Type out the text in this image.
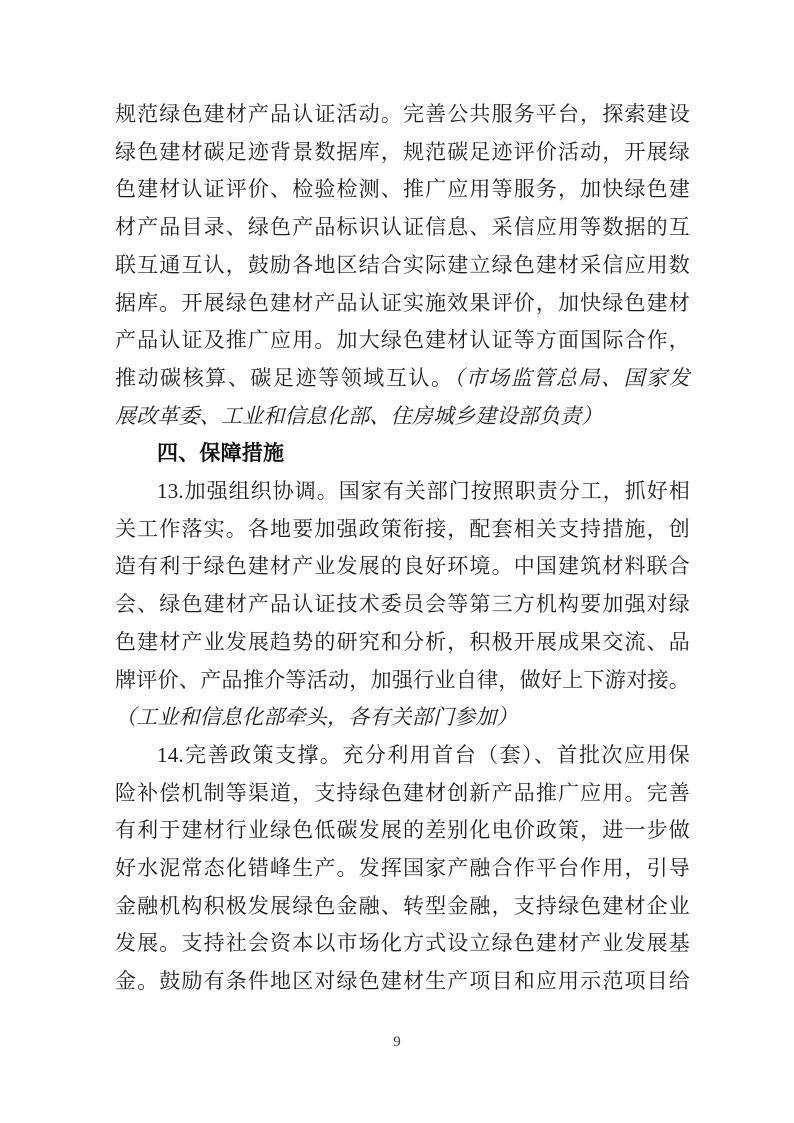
规范绿色建材产品认证活动。完善公共服务平台，探索建设
绿色建材碳足迹背景数据库，规范碳足迹评价活动，开展绿
色建材认证评价、检验检测、推广应用等服务，加快绿色建
材产品目录、绿色产品标识认证信息、采信应用等数据的互
联互通互认，鼓励各地区结合实际建立绿色建材采信应用数
据库。开展绿色建材产品认证实施效果评价，加快绿色建材
产品认证及推广应用。加大绿色建材认证等方面国际合作，
推动碳核算、碳足迹等领域互认。（市场监管总局、国家发
展改革委、工业和信息化部、住房城乡建设部负责）
四、保障措施
13.加强组织协调。国家有关部门按照职责分工，抓好相
关工作落实。各地要加强政策衔接，配套相关支持措施，创
造有利于绿色建材产业发展的良好环境。中国建筑材料联合
会、绿色建材产品认证技术委员会等第三方机构要加强对绿
色建材产业发展趋势的研究和分析，积极开展成果交流、品
牌评价、产品推介等活动，加强行业自律，做好上下游对接。
（工业和信息化部牵头，各有关部门参加）
14.完善政策支撑。充分利用首台（套）、首批次应用保
险补偿机制等渠道，支持绿色建材创新产品推广应用。完善
有利于建材行业绿色低碳发展的差别化电价政策，进一步做
好水泥常态化错峰生产。发挥国家产融合作平台作用，引导
金融机构积极发展绿色金融、转型金融，支持绿色建材企业
发展。支持社会资本以市场化方式设立绿色建材产业发展基
金。鼓励有条件地区对绿色建材生产项目和应用示范项目给
9
